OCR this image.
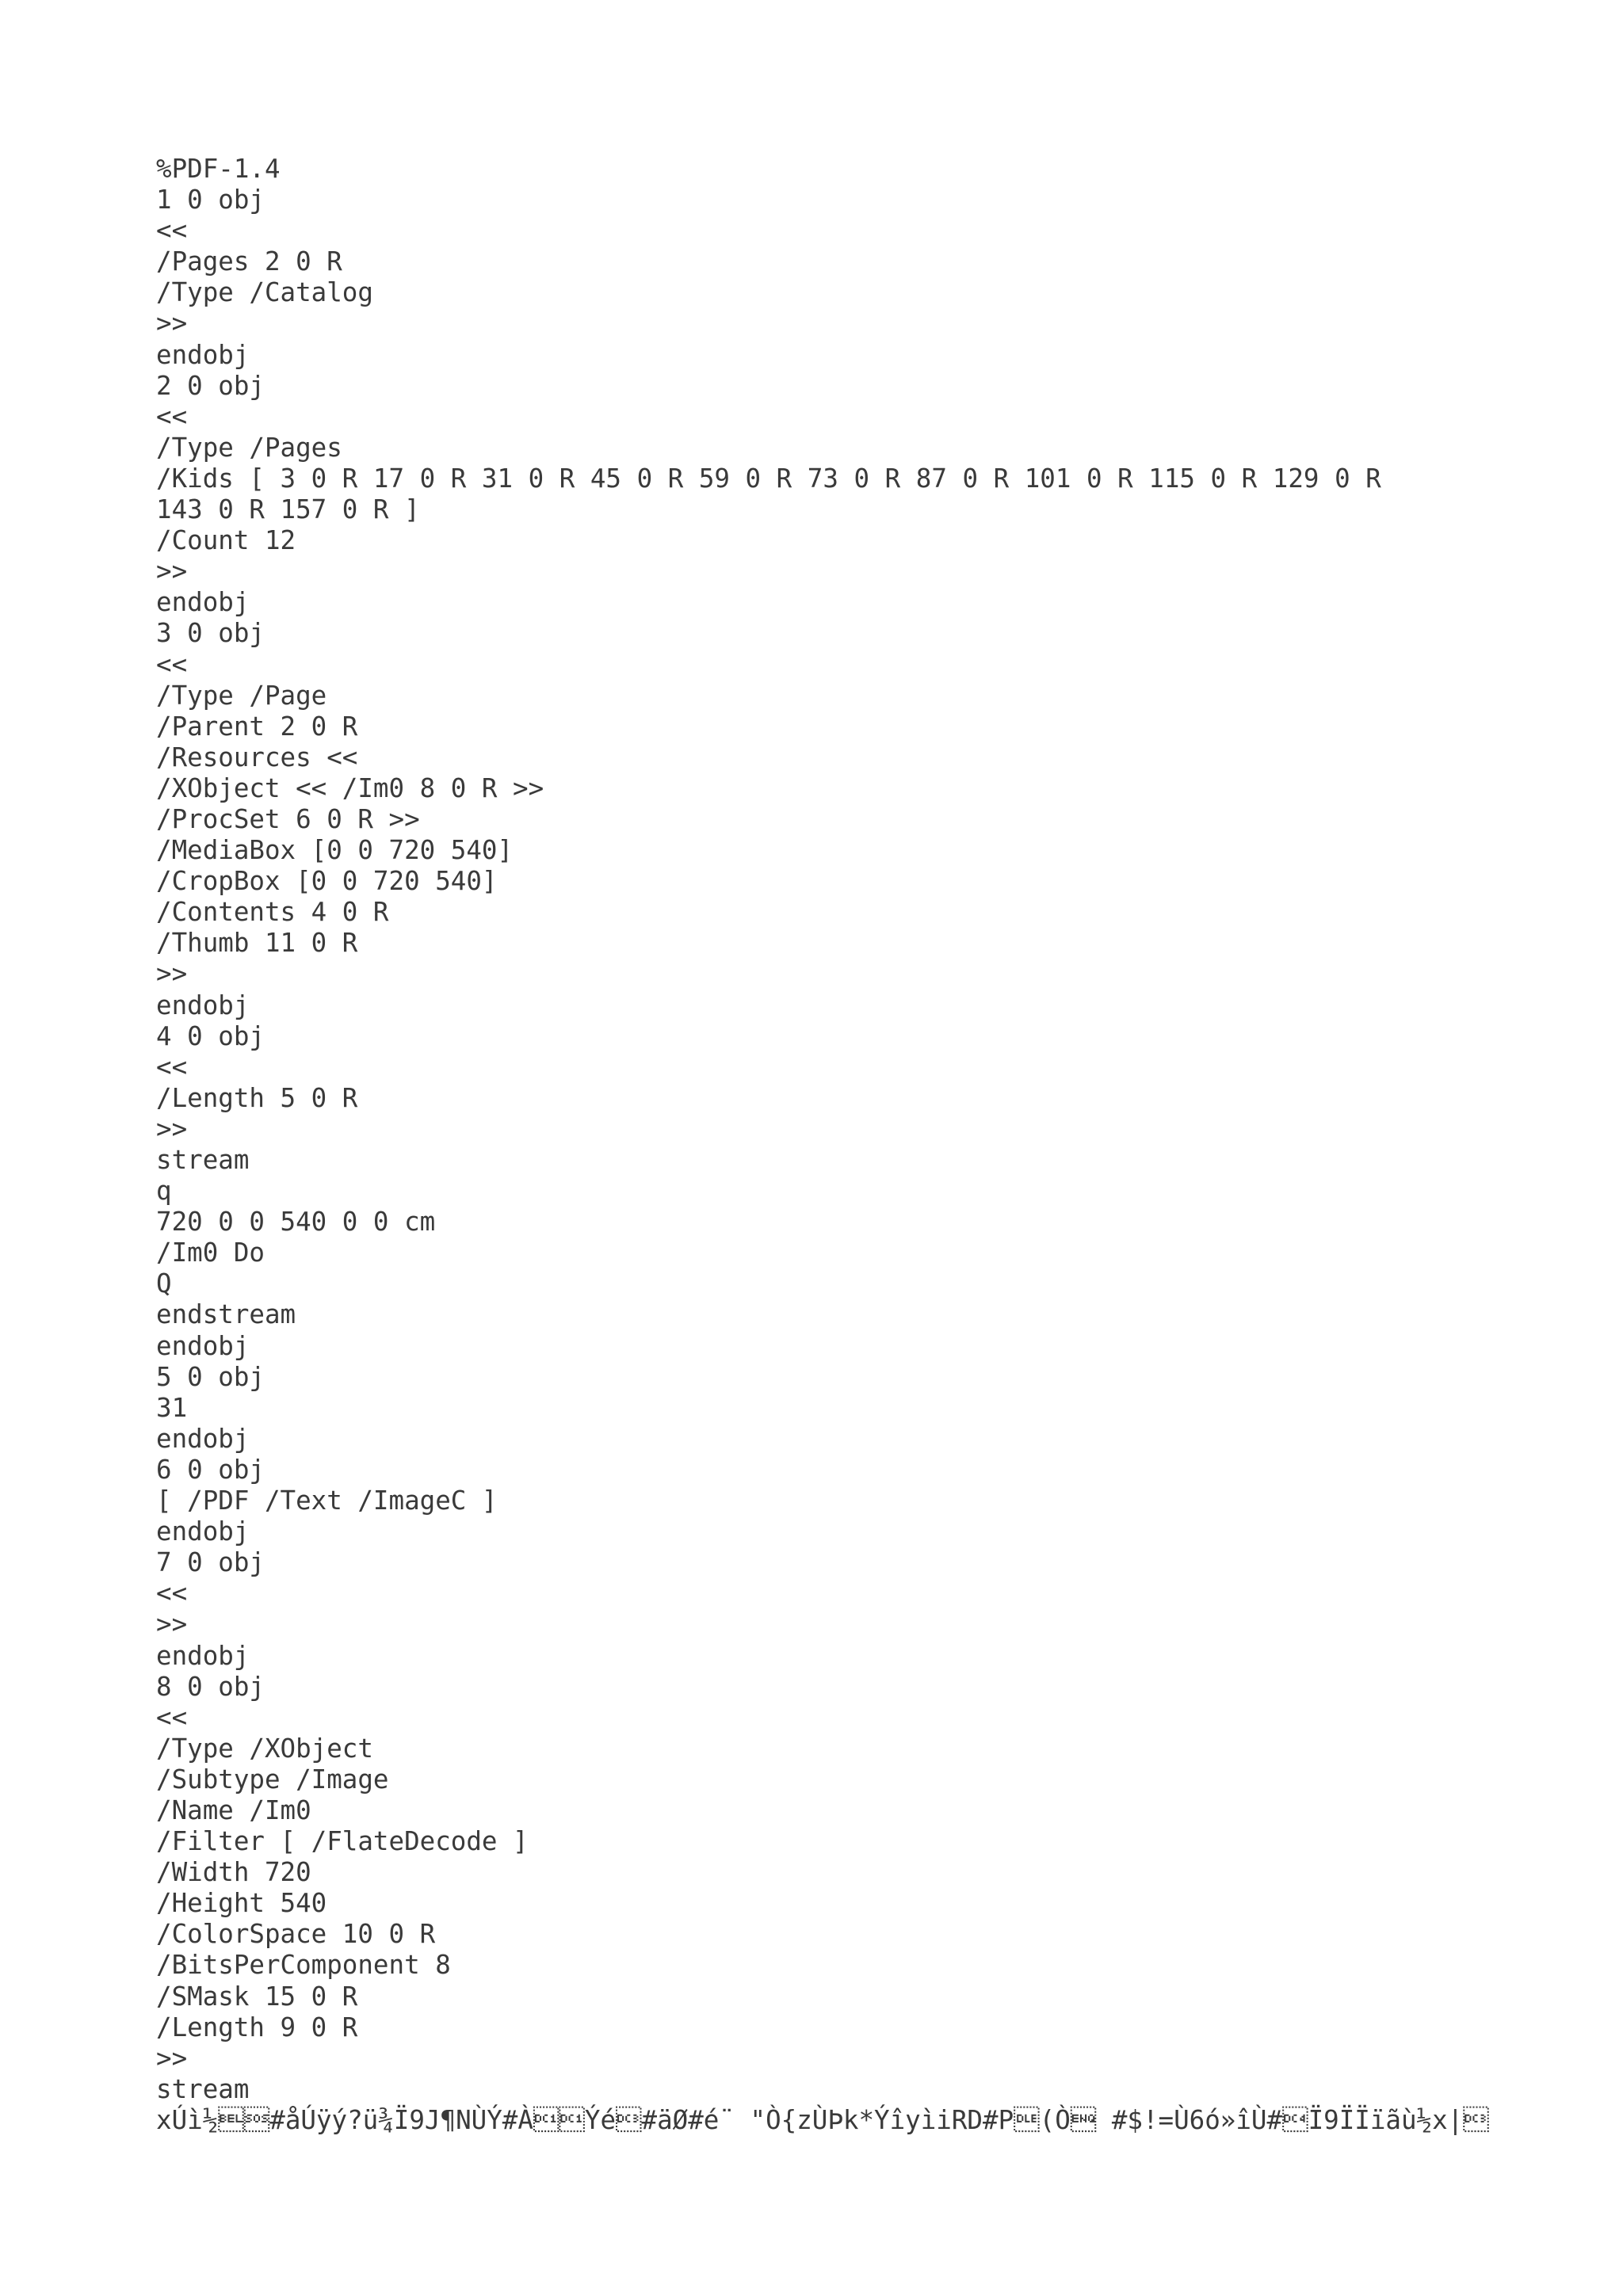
%PDF-1.4
1 0 obj
<<
/Pages 2 0 R
/Type /Catalog
>>
endobj
2 0 obj
<<
/Type /Pages
/Kids [ 3 0 R 17 0 R 31 0 R 45 0 R 59 0 R 73 0 R 87 0 R 101 0 R 115 0 R 129 0 R
143 0 R 157 0 R ]
/Count 12
>>
endobj
3 0 obj
<<
/Type /Page
/Parent 2 0 R
/Resources <<
/XObject << /Im0 8 0 R >>
/ProcSet 6 0 R >>
/MediaBox [0 0 720 540]
/CropBox [0 0 720 540]
/Contents 4 0 R
/Thumb 11 0 R
>>
endobj
4 0 obj
<<
/Length 5 0 R
>>
stream
q
720 0 0 540 0 0 cm
/Im0 Do
Q
endstream
endobj
5 0 obj
31
endobj
6 0 obj
[ /PDF /Text /ImageC ]
endobj
7 0 obj
<<
>>
endobj
8 0 obj
<<
/Type /XObject
/Subtype /Image
/Name /Im0
/Filter [ /FlateDecode ]
/Width 720
/Height 540
/ColorSpace 10 0 R
/BitsPerComponent 8
/SMask 15 0 R
/Length 9 0 R
>>
stream
xÚì½#åÚÿý?ü¾Ï9J¶NÙÝ#ÀÝé#äØ#é¨ "Ò{zÙÞk*ÝîyìiRD#P(Ò #$!=Ù6ó»îÙ#Ï9ÏÏïãù½x|
